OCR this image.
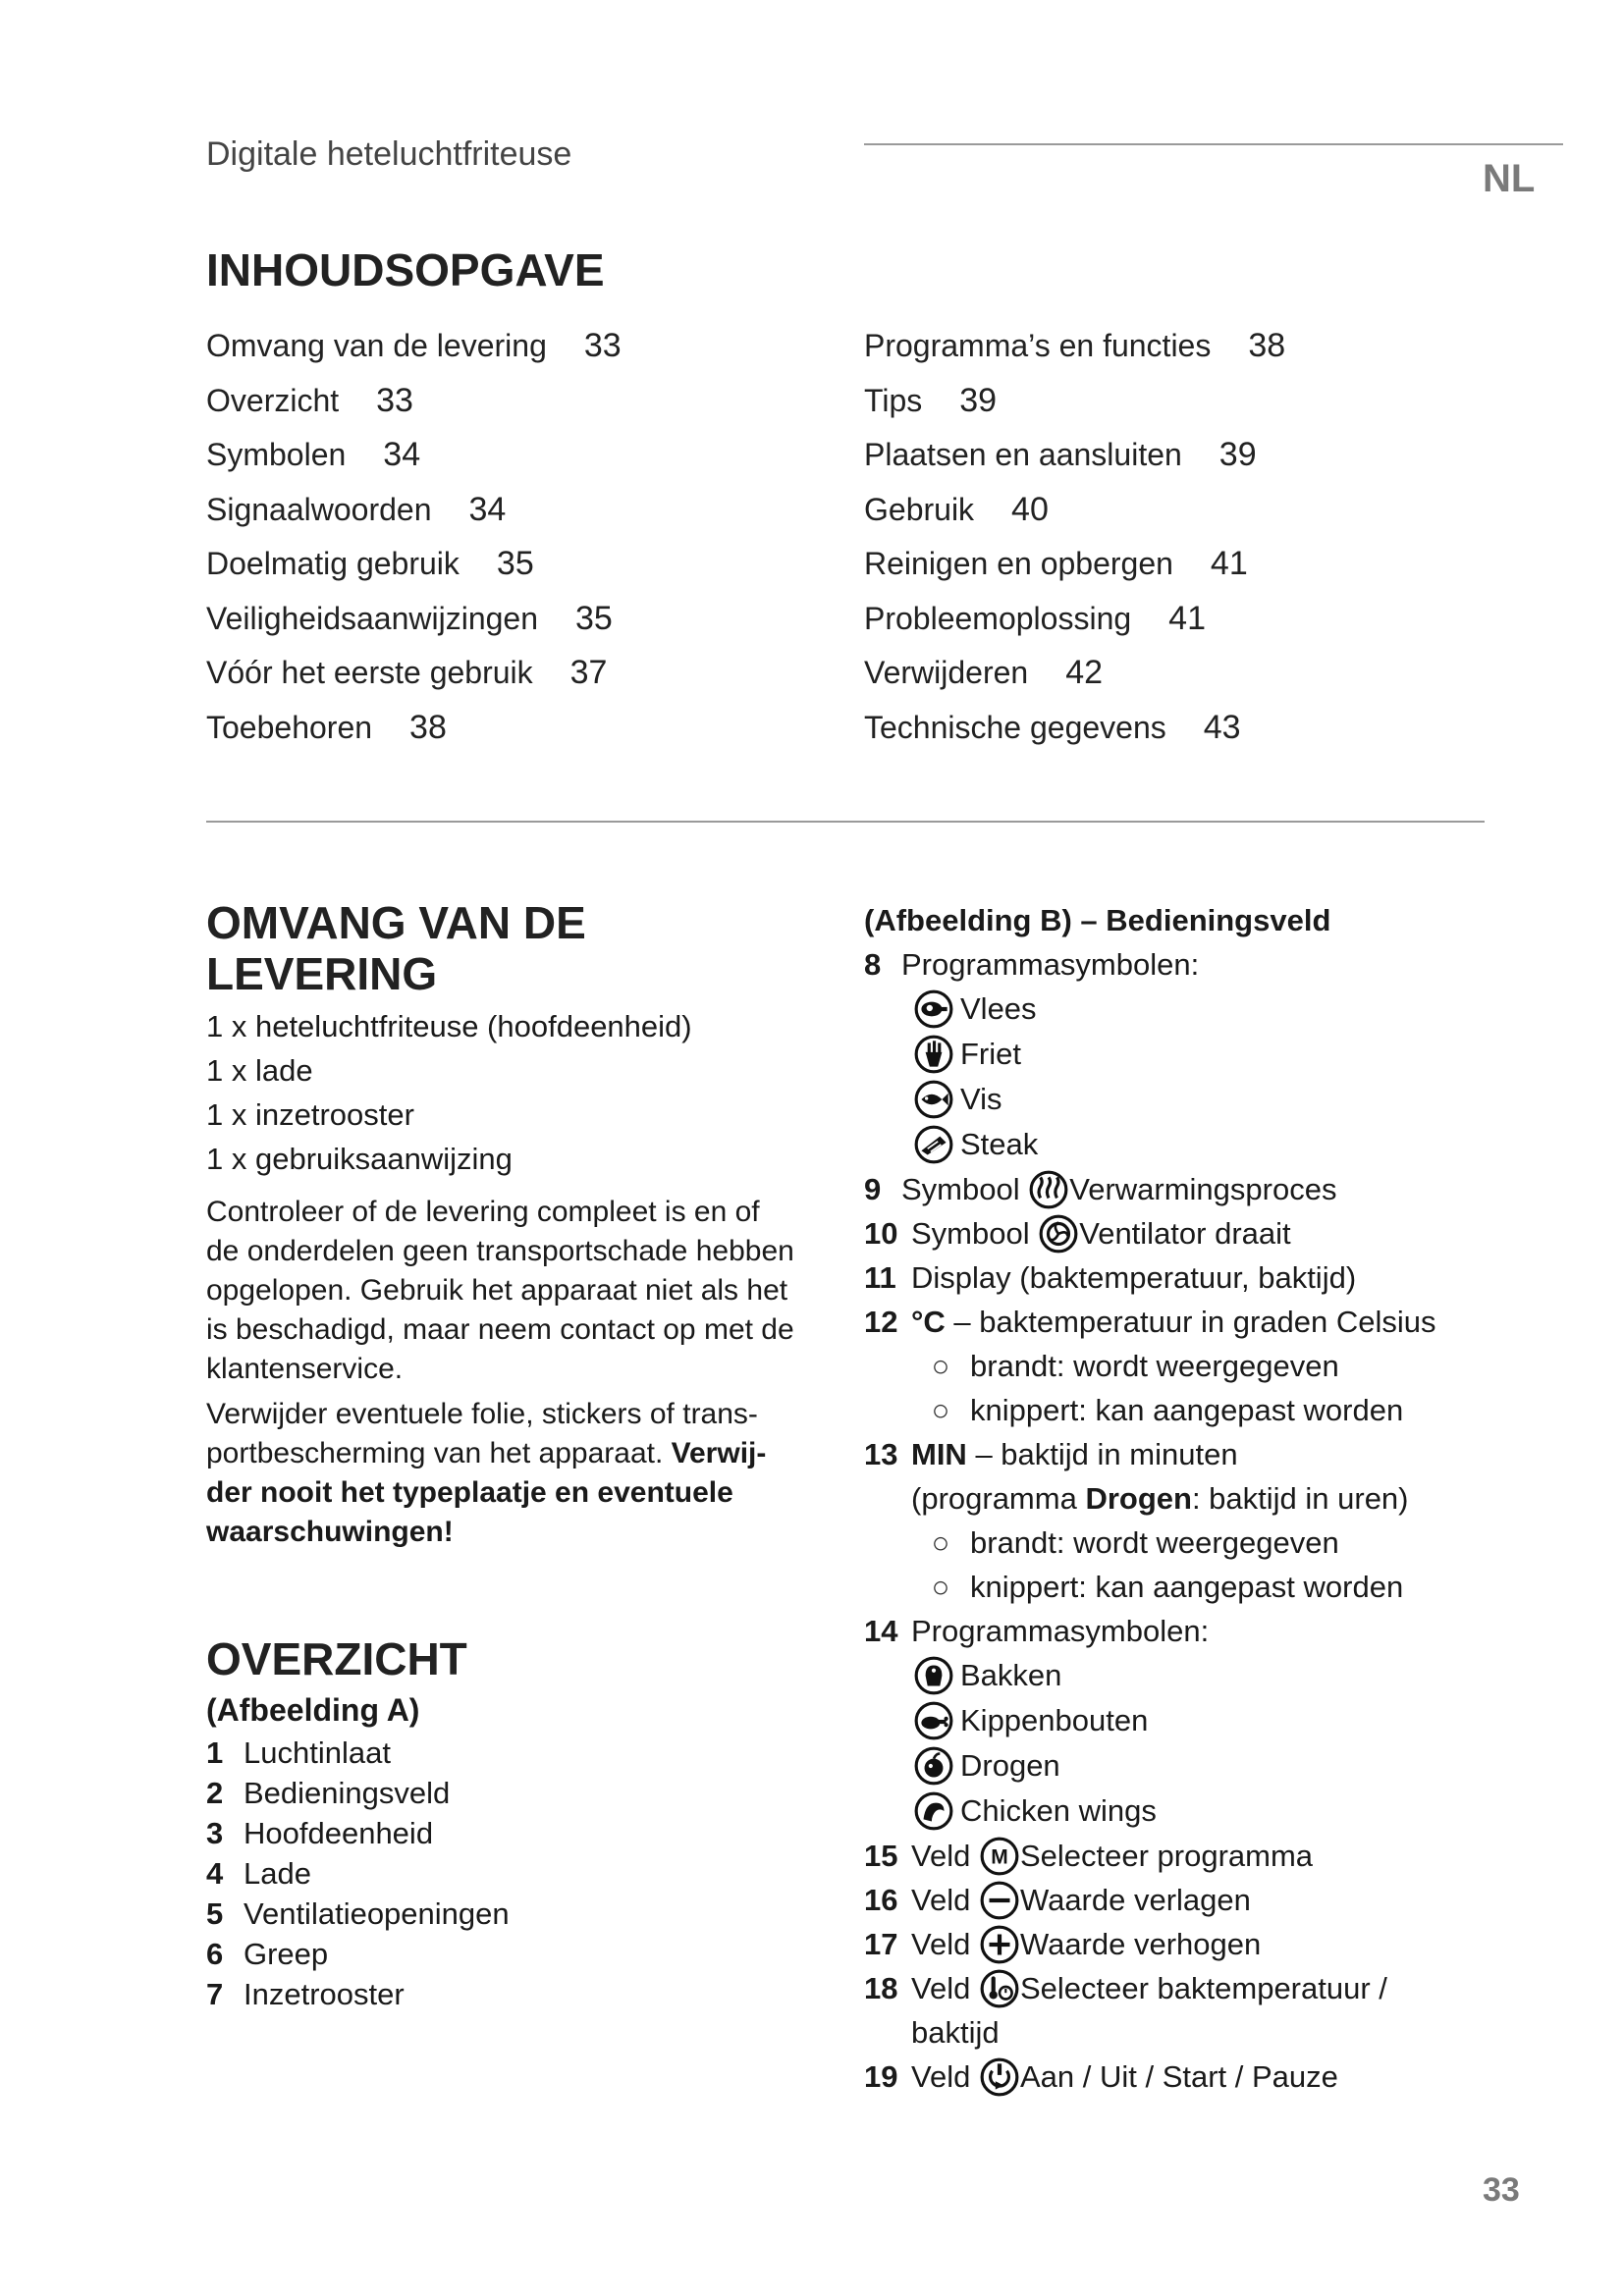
Digitale heteluchtfriteuse
NL
INHOUDSOPGAVE
Omvang van de levering 33
Overzicht 33
Symbolen 34
Signaalwoorden 34
Doelmatig gebruik 35
Veiligheidsaanwijzingen 35
Vóór het eerste gebruik 37
Toebehoren 38
Programma’s en functies 38
Tips 39
Plaatsen en aansluiten 39
Gebruik 40
Reinigen en opbergen 41
Probleemoplossing 41
Verwijderen 42
Technische gegevens 43
OMVANG VAN DE
LEVERING
1 x heteluchtfriteuse (hoofdeenheid)
1 x lade
1 x inzetrooster
1 x gebruiksaanwijzing
Controleer of de levering compleet is en of
de onderdelen geen transportschade hebben
opgelopen. Gebruik het apparaat niet als het
is beschadigd, maar neem contact op met de
klantenservice.
Verwijder eventuele folie, stickers of trans-
portbescherming van het apparaat. Verwij-
der nooit het typeplaatje en eventuele
waarschuwingen!
OVERZICHT
(Afbeelding A)
1 Luchtinlaat
2 Bedieningsveld
3 Hoofdeenheid
4 Lade
5 Ventilatieopeningen
6 Greep
7 Inzetrooster
(Afbeelding B) – Bedieningsveld
8 Programmasymbolen:
Vlees
Friet
Vis
Steak
9 Symbool
Verwarmingsproces
10 Symbool
Ventilator draait
11 Display (baktemperatuur, baktijd)
12 °C – baktemperatuur in graden Celsius
○ brandt: wordt weergegeven
○ knippert: kan aangepast worden
13 MIN – baktijd in minuten
(programma Drogen: baktijd in uren)
○ brandt: wordt weergegeven
○ knippert: kan aangepast worden
14 Programmasymbolen:
Bakken
Kippenbouten
Drogen
Chicken wings
15 Veld
M Selecteer programma
16 Veld
Waarde verlagen
17 Veld
Waarde verhogen
18 Veld
Selecteer baktemperatuur /
baktijd
19 Veld
Aan / Uit / Start / Pauze
33
